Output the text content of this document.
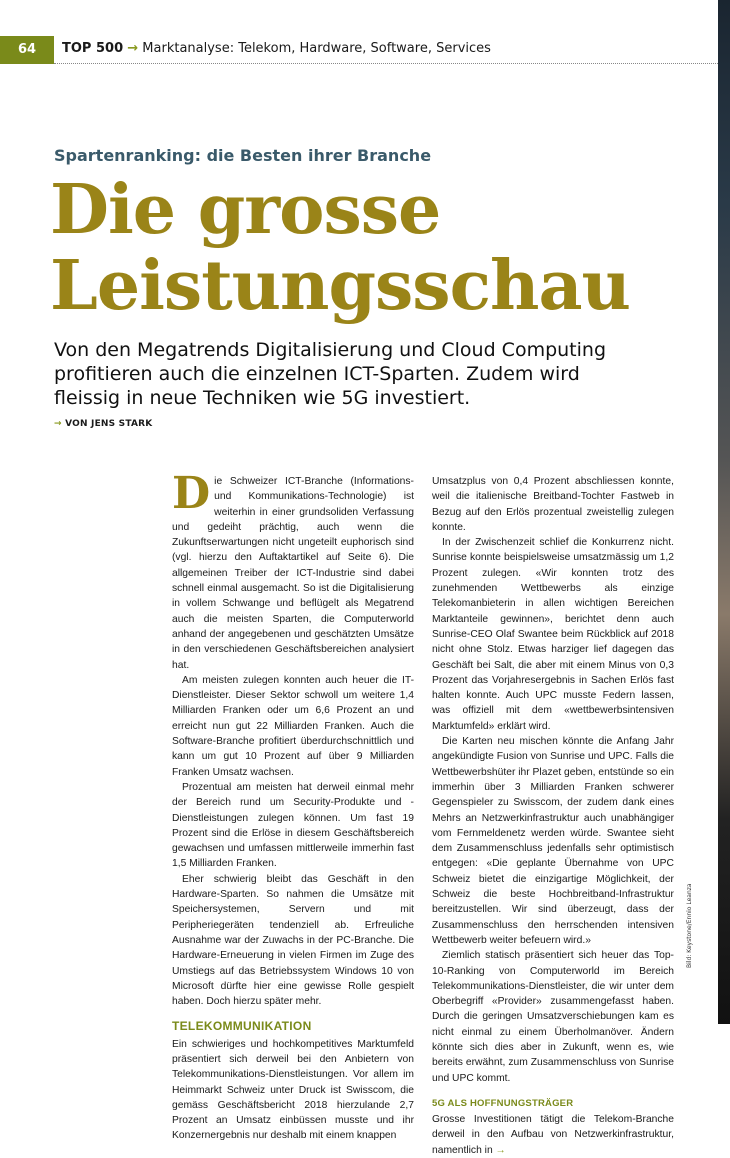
64	TOP 500 → Marktanalyse: Telekom, Hardware, Software, Services
Spartenranking: die Besten ihrer Branche
Die grosse
Leistungsschau
Von den Megatrends Digitalisierung und Cloud Computing profitieren auch die einzelnen ICT-Sparten. Zudem wird fleissig in neue Techniken wie 5G investiert.
→ VON JENS STARK

Die Schweizer ICT-Branche (Informations- und Kommunikations-Technologie) ist weiterhin in einer grundsoliden Verfassung und gedeiht prächtig, auch wenn die Zukunftserwartungen nicht ungeteilt euphorisch sind (vgl. hierzu den Auftaktartikel auf Seite 6). Die allgemeinen Treiber der ICT-Industrie sind dabei schnell einmal ausgemacht. So ist die Digitalisierung in vollem Schwange und beflügelt als Megatrend auch die meisten Sparten, die Computerworld anhand der angegebenen und geschätzten Umsätze in den verschiedenen Geschäftsbereichen analysiert hat.

Am meisten zulegen konnten auch heuer die IT-Dienstleister. Dieser Sektor schwoll um weitere 1,4 Milliarden Franken oder um 6,6 Prozent an und erreicht nun gut 22 Milliarden Franken. Auch die Software-Branche profitiert überdurchschnittlich und kann um gut 10 Prozent auf über 9 Milliarden Franken Umsatz wachsen.

Prozentual am meisten hat derweil einmal mehr der Bereich rund um Security-Produkte und -Dienstleistungen zulegen können. Um fast 19 Prozent sind die Erlöse in diesem Geschäftsbereich gewachsen und umfassen mittlerweile immerhin fast 1,5 Milliarden Franken.

Eher schwierig bleibt das Geschäft in den Hardware-Sparten. So nahmen die Umsätze mit Speichersystemen, Servern und mit Peripheriegeräten tendenziell ab. Erfreuliche Ausnahme war der Zuwachs in der PC-Branche. Die Hardware-Erneuerung in vielen Firmen im Zuge des Umstiegs auf das Betriebssystem Windows 10 von Microsoft dürfte hier eine gewisse Rolle gespielt haben. Doch hierzu später mehr.

TELEKOMMUNIKATION

Ein schwieriges und hochkompetitives Marktumfeld präsentiert sich derweil bei den Anbietern von Telekommunikations-Dienstleistungen. Vor allem im Heimmarkt Schweiz unter Druck ist Swisscom, die gemäss Geschäftsbericht 2018 hierzulande 2,7 Prozent an Umsatz einbüssen musste und ihr Konzernergebnis nur deshalb mit einem knappen

Umsatzplus von 0,4 Prozent abschliessen konnte, weil die italienische Breitband-Tochter Fastweb in Bezug auf den Erlös prozentual zweistellig zulegen konnte.

In der Zwischenzeit schlief die Konkurrenz nicht. Sunrise konnte beispielsweise umsatzmässig um 1,2 Prozent zulegen. «Wir konnten trotz des zunehmenden Wettbewerbs als einzige Telekomanbieterin in allen wichtigen Bereichen Marktanteile gewinnen», berichtet denn auch Sunrise-CEO Olaf Swantee beim Rückblick auf 2018 nicht ohne Stolz. Etwas harziger lief dagegen das Geschäft bei Salt, die aber mit einem Minus von 0,3 Prozent das Vorjahresergebnis in Sachen Erlös fast halten konnte. Auch UPC musste Federn lassen, was offiziell mit dem «wettbewerbsintensiven Marktumfeld» erklärt wird.

Die Karten neu mischen könnte die Anfang Jahr angekündigte Fusion von Sunrise und UPC. Falls die Wettbewerbshüter ihr Plazet geben, entstünde so ein immerhin über 3 Milliarden Franken schwerer Gegenspieler zu Swisscom, der zudem dank eines Mehrs an Netzwerkinfrastruktur auch unabhängiger vom Fernmeldenetz werden würde. Swantee sieht dem Zusammenschluss jedenfalls sehr optimistisch entgegen: «Die geplante Übernahme von UPC Schweiz bietet die einzigartige Möglichkeit, der Schweiz die beste Hochbreitband-Infrastruktur bereitzustellen. Wir sind überzeugt, dass der Zusammenschluss den herrschenden intensiven Wettbewerb weiter befeuern wird.»

Ziemlich statisch präsentiert sich heuer das Top-10-Ranking von Computerworld im Bereich Telekommunikations-Dienstleister, die wir unter dem Oberbegriff «Provider» zusammengefasst haben. Durch die geringen Umsatzverschiebungen kam es nicht einmal zu einem Überholmanöver. Ändern könnte sich dies aber in Zukunft, wenn es, wie bereits erwähnt, zum Zusammenschluss von Sunrise und UPC kommt.

5G ALS HOFFNUNGSTRÄGER

Grosse Investitionen tätigt die Telekom-Branche derweil in den Aufbau von Netzwerkinfrastruktur, namentlich in →

Bild: Keystone/Ennio Leanza
